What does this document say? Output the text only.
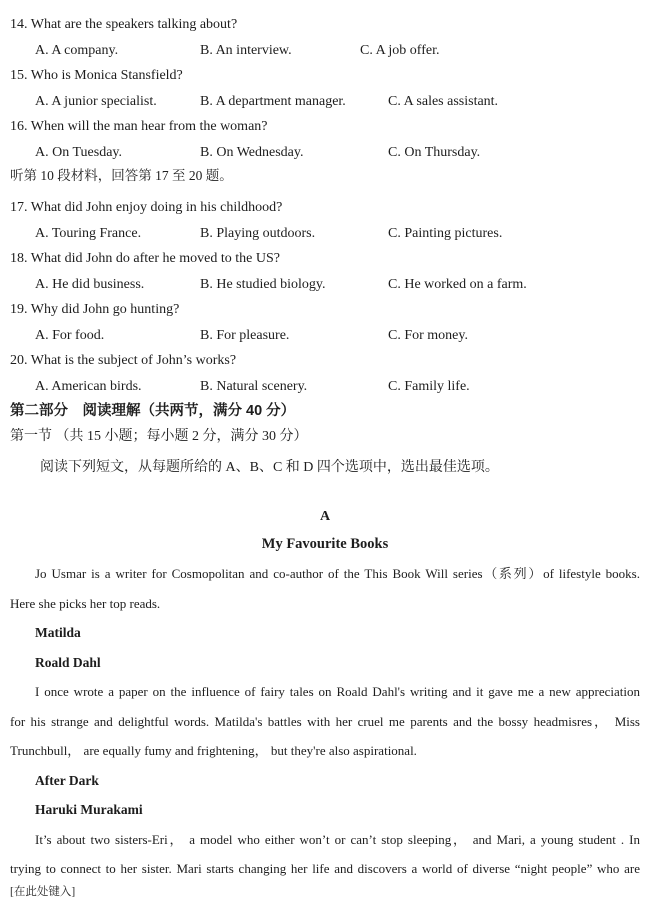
14. What are the speakers talking about?
A. A company.	B. An interview.	C. A job offer.
15. Who is Monica Stansfield?
A. A junior specialist.	B. A department manager.	C. A sales assistant.
16. When will the man hear from the woman?
A. On Tuesday.	B. On Wednesday.	C. On Thursday.
听第 10 段材料，回答第 17 至 20 题。
17. What did John enjoy doing in his childhood?
A. Touring France.	B. Playing outdoors.	C. Painting pictures.
18. What did John do after he moved to the US?
A. He did business.	B. He studied biology.	C. He worked on a farm.
19. Why did John go hunting?
A. For food.	B. For pleasure.	C. For money.
20. What is the subject of John’s works?
A. American birds.	B. Natural scenery.	C. Family life.
第二部分　阅读理解（共两节，满分 40 分）
第一节 （共 15 小题；每小题 2 分，满分 30 分）
阅读下列短文，从每题所给的 A、B、C 和 D 四个选项中，选出最佳选项。
A
My Favourite Books
Jo Usmar is a writer for Cosmopolitan and co-author of the This Book Will series（系列）of lifestyle books.
Here she picks her top reads.
Matilda
Roald Dahl
I once wrote a paper on the influence of fairy tales on Roald Dahl's writing and it gave me a new appreciation
for his strange and delightful words. Matilda's battles with her cruel me parents and the bossy headmisres， Miss
Trunchbull， are equally fumy and frightening， but they're also aspirational.
After Dark
Haruki Murakami
It’s about two sisters-Eri， a model who either won’t or can’t stop sleeping， and Mari, a young student . In
trying to connect to her sister. Mari starts changing her life and discovers a world of diverse “night people” who are
[在此处键入]
